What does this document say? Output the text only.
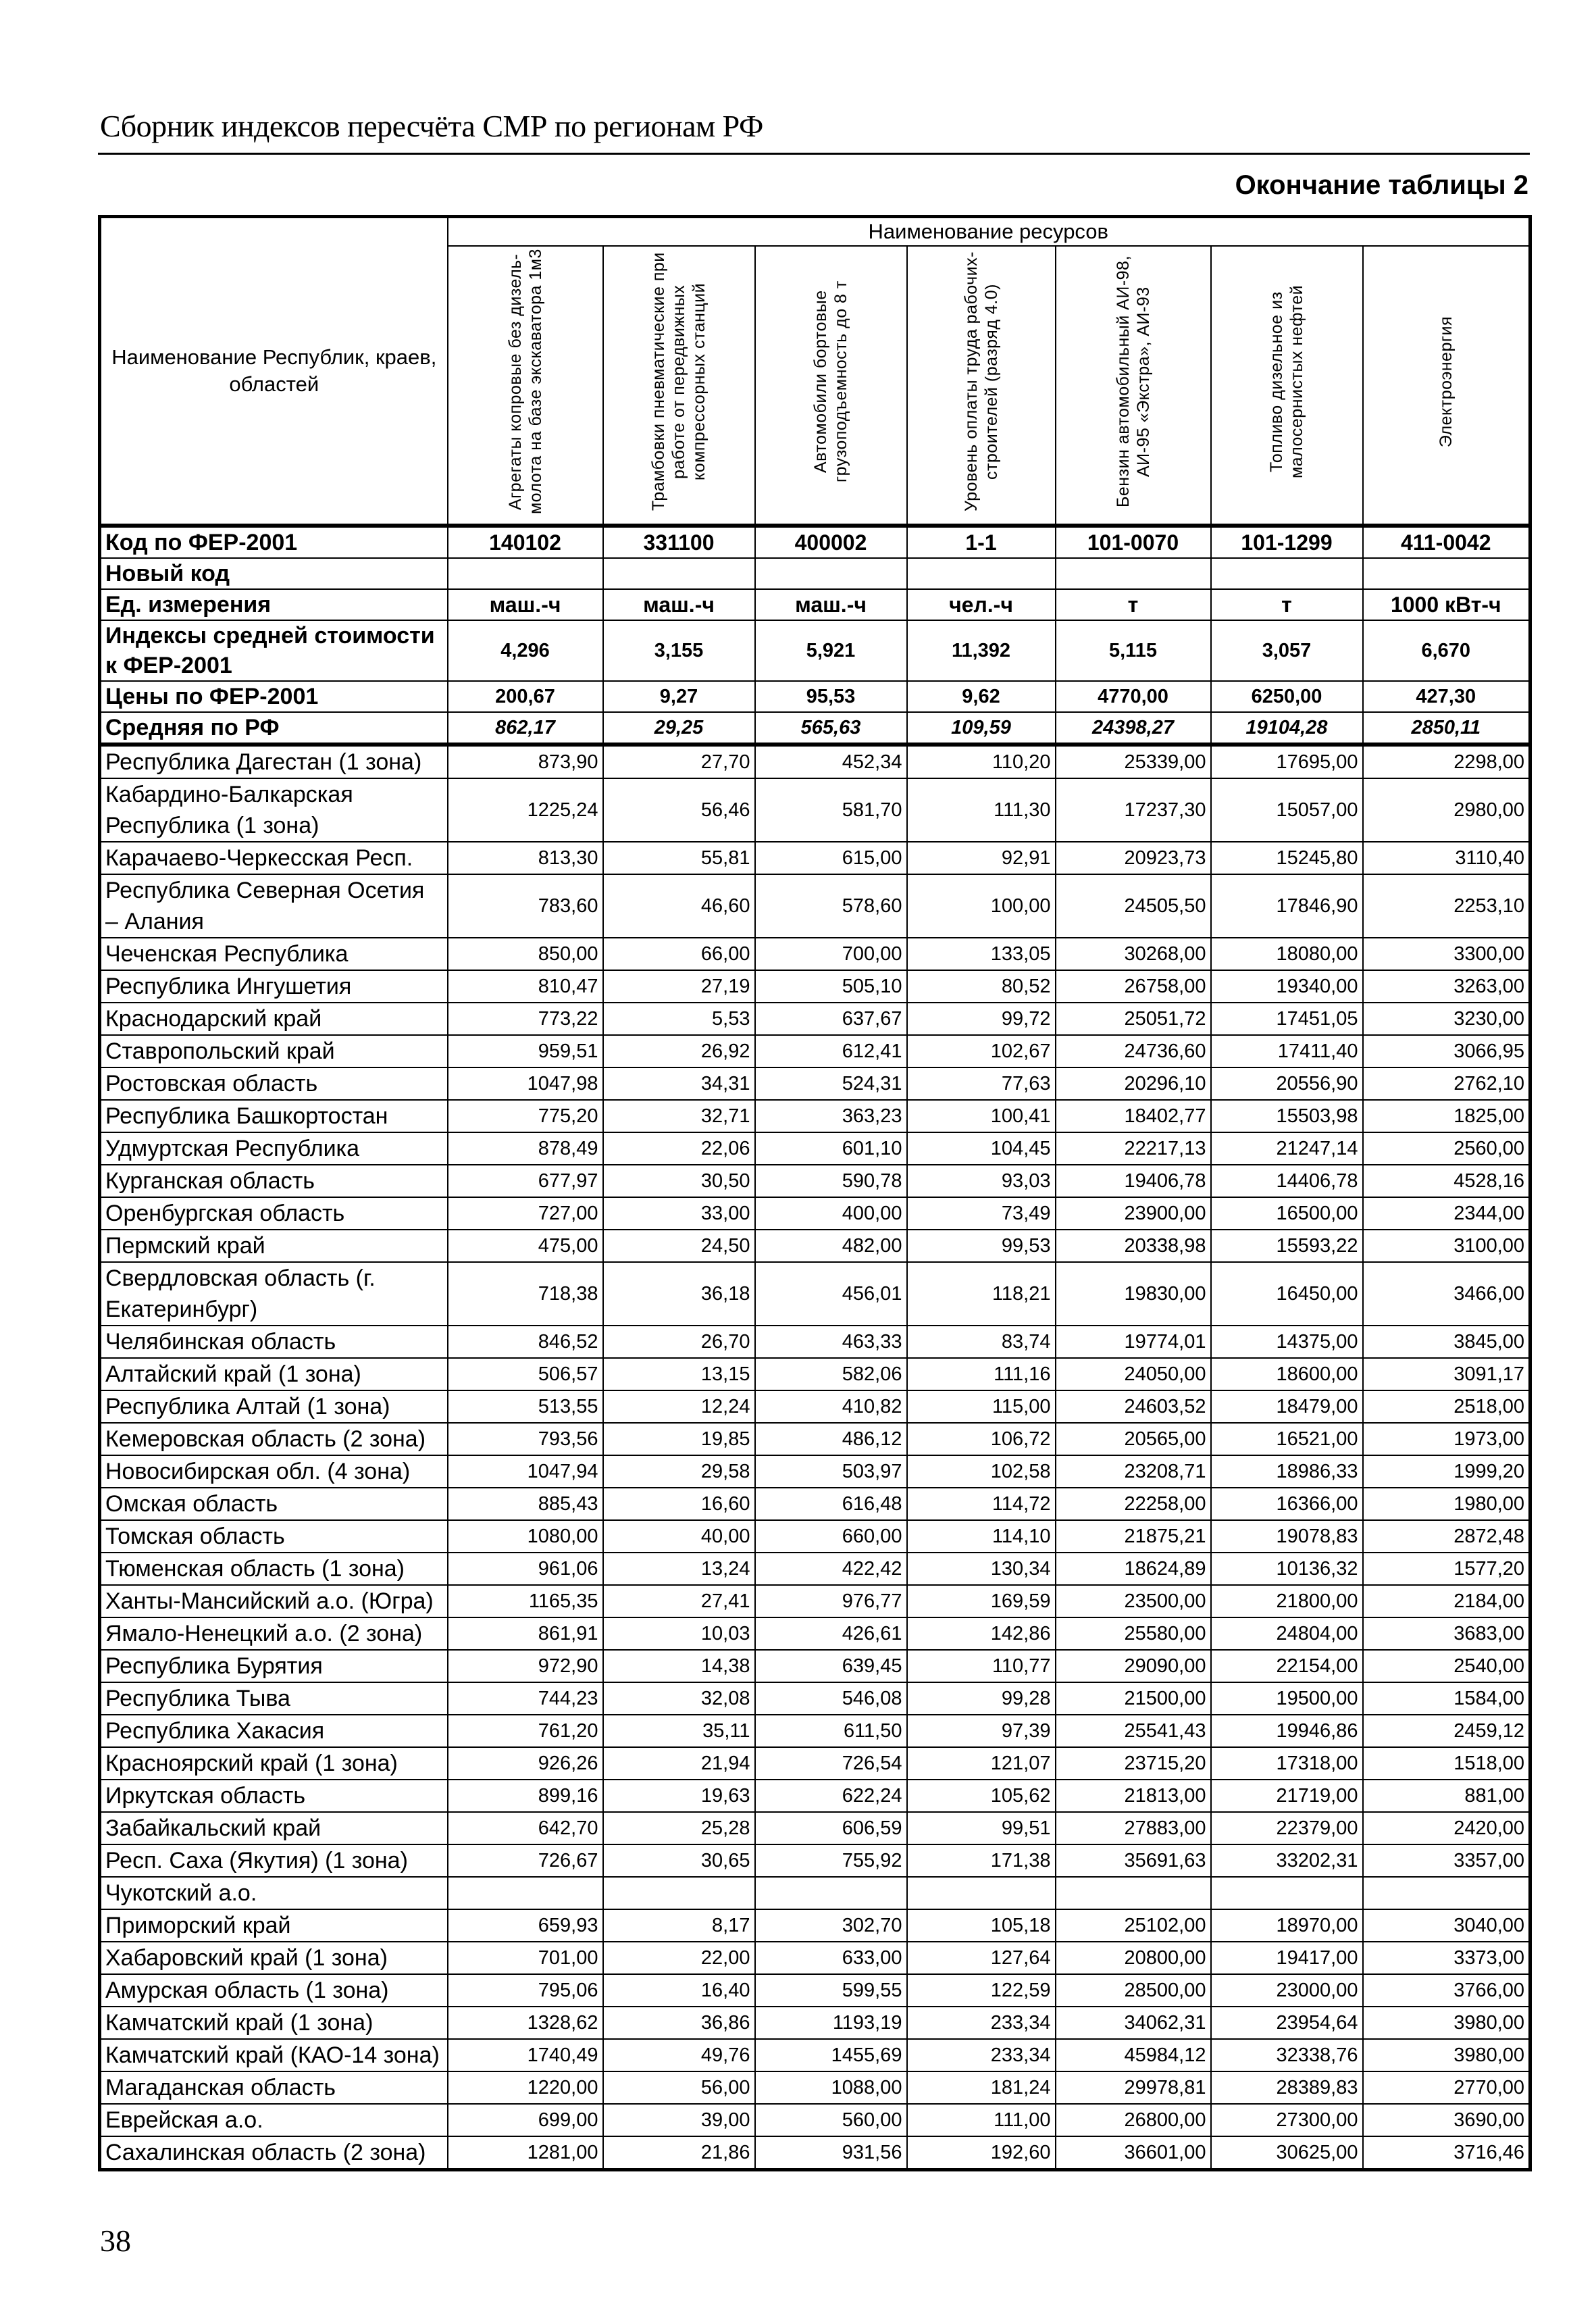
Сборник индексов пересчёта СМР по регионам РФ
Окончание таблицы 2
Наименование Республик, краев, областей	Наименование ресурсов						
	Агрегаты копровые без дизель-молота на базе экскаватора 1м3	Трамбовки пневматические при работе от передвижных компрессорных станций	Автомобили бортовые грузоподъемность до 8 т	Уровень оплаты труда рабочих-строителей (разряд 4.0)	Бензин автомобильный АИ-98, АИ-95 «Экстра», АИ-93	Топливо дизельное из малосернистых нефтей	Электроэнергия
Код по ФЕР-2001	140102	331100	400002	1-1	101-0070	101-1299	411-0042
Новый код							
Ед. измерения	маш.-ч	маш.-ч	маш.-ч	чел.-ч	т	т	1000 кВт-ч
Индексы средней стоимости к ФЕР-2001	4,296	3,155	5,921	11,392	5,115	3,057	6,670
Цены по ФЕР-2001	200,67	9,27	95,53	9,62	4770,00	6250,00	427,30
Средняя по РФ	862,17	29,25	565,63	109,59	24398,27	19104,28	2850,11
Республика Дагестан (1 зона)	873,90	27,70	452,34	110,20	25339,00	17695,00	2298,00
Кабардино-Балкарская Республика (1 зона)	1225,24	56,46	581,70	111,30	17237,30	15057,00	2980,00
Карачаево-Черкесская Респ.	813,30	55,81	615,00	92,91	20923,73	15245,80	3110,40
Республика Северная Осетия – Алания	783,60	46,60	578,60	100,00	24505,50	17846,90	2253,10
Чеченская Республика	850,00	66,00	700,00	133,05	30268,00	18080,00	3300,00
Республика Ингушетия	810,47	27,19	505,10	80,52	26758,00	19340,00	3263,00
Краснодарский край	773,22	5,53	637,67	99,72	25051,72	17451,05	3230,00
Ставропольский край	959,51	26,92	612,41	102,67	24736,60	17411,40	3066,95
Ростовская область	1047,98	34,31	524,31	77,63	20296,10	20556,90	2762,10
Республика Башкортостан	775,20	32,71	363,23	100,41	18402,77	15503,98	1825,00
Удмуртская Республика	878,49	22,06	601,10	104,45	22217,13	21247,14	2560,00
Курганская область	677,97	30,50	590,78	93,03	19406,78	14406,78	4528,16
Оренбургская область	727,00	33,00	400,00	73,49	23900,00	16500,00	2344,00
Пермский край	475,00	24,50	482,00	99,53	20338,98	15593,22	3100,00
Свердловская область (г. Екатеринбург)	718,38	36,18	456,01	118,21	19830,00	16450,00	3466,00
Челябинская область	846,52	26,70	463,33	83,74	19774,01	14375,00	3845,00
Алтайский край (1 зона)	506,57	13,15	582,06	111,16	24050,00	18600,00	3091,17
Республика Алтай (1 зона)	513,55	12,24	410,82	115,00	24603,52	18479,00	2518,00
Кемеровская область (2 зона)	793,56	19,85	486,12	106,72	20565,00	16521,00	1973,00
Новосибирская обл. (4 зона)	1047,94	29,58	503,97	102,58	23208,71	18986,33	1999,20
Омская область	885,43	16,60	616,48	114,72	22258,00	16366,00	1980,00
Томская область	1080,00	40,00	660,00	114,10	21875,21	19078,83	2872,48
Тюменская область (1 зона)	961,06	13,24	422,42	130,34	18624,89	10136,32	1577,20
Ханты-Мансийский а.о. (Югра)	1165,35	27,41	976,77	169,59	23500,00	21800,00	2184,00
Ямало-Ненецкий а.о. (2 зона)	861,91	10,03	426,61	142,86	25580,00	24804,00	3683,00
Республика Бурятия	972,90	14,38	639,45	110,77	29090,00	22154,00	2540,00
Республика Тыва	744,23	32,08	546,08	99,28	21500,00	19500,00	1584,00
Республика Хакасия	761,20	35,11	611,50	97,39	25541,43	19946,86	2459,12
Красноярский край (1 зона)	926,26	21,94	726,54	121,07	23715,20	17318,00	1518,00
Иркутская область	899,16	19,63	622,24	105,62	21813,00	21719,00	881,00
Забайкальский край	642,70	25,28	606,59	99,51	27883,00	22379,00	2420,00
Респ. Саха (Якутия) (1 зона)	726,67	30,65	755,92	171,38	35691,63	33202,31	3357,00
Чукотский а.о.							
Приморский край	659,93	8,17	302,70	105,18	25102,00	18970,00	3040,00
Хабаровский край (1 зона)	701,00	22,00	633,00	127,64	20800,00	19417,00	3373,00
Амурская область (1 зона)	795,06	16,40	599,55	122,59	28500,00	23000,00	3766,00
Камчатский край (1 зона)	1328,62	36,86	1193,19	233,34	34062,31	23954,64	3980,00
Камчатский край (КАО-14 зона)	1740,49	49,76	1455,69	233,34	45984,12	32338,76	3980,00
Магаданская область	1220,00	56,00	1088,00	181,24	29978,81	28389,83	2770,00
Еврейская а.о.	699,00	39,00	560,00	111,00	26800,00	27300,00	3690,00
Сахалинская область (2 зона)	1281,00	21,86	931,56	192,60	36601,00	30625,00	3716,46
38
